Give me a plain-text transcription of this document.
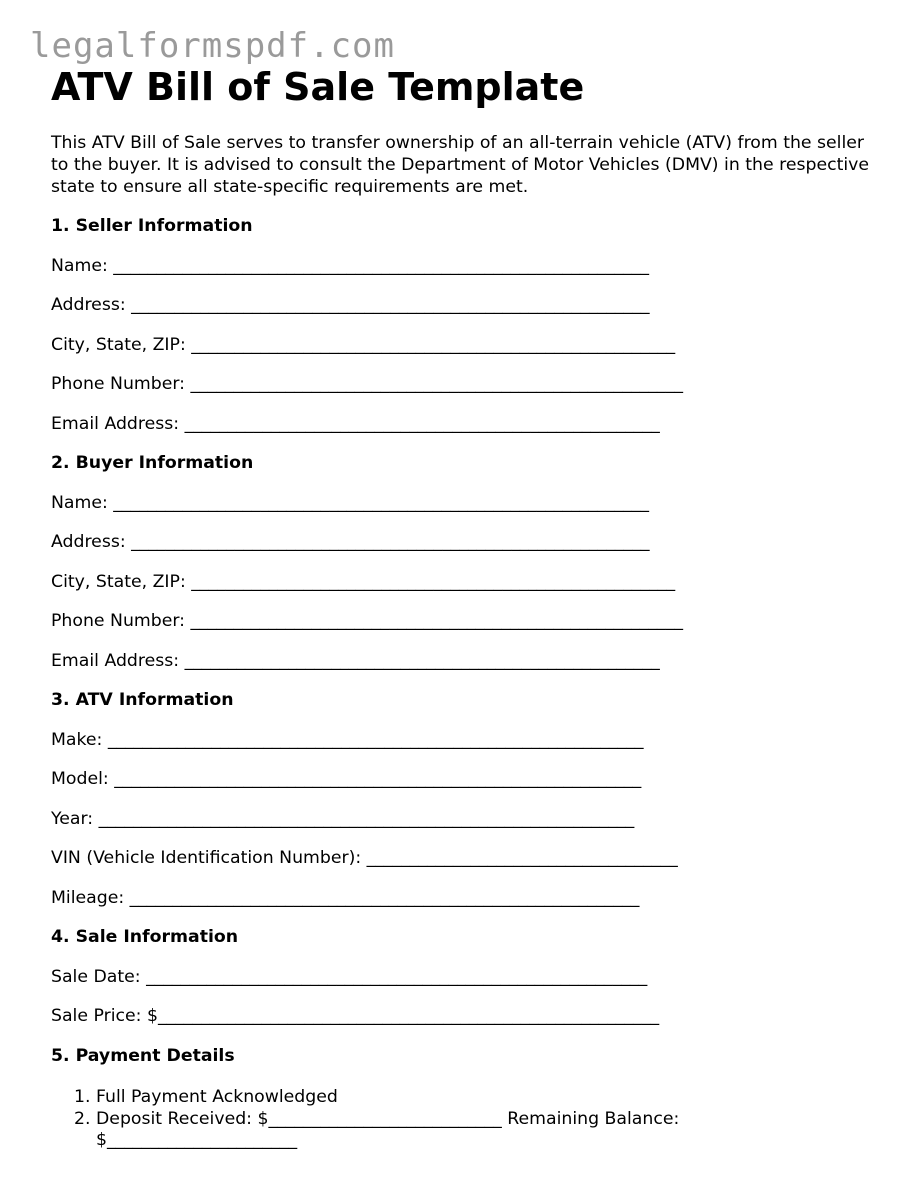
legalformspdf.com
ATV Bill of Sale Template

This ATV Bill of Sale serves to transfer ownership of an all-terrain vehicle (ATV) from the seller to the buyer. It is advised to consult the Department of Motor Vehicles (DMV) in the respective state to ensure all state-specific requirements are met.

1. Seller Information
Name: ______________________________________________________________
Address: ____________________________________________________________
City, State, ZIP: ________________________________________________________
Phone Number: _________________________________________________________
Email Address: _______________________________________________________
2. Buyer Information
Name: ______________________________________________________________
Address: ____________________________________________________________
City, State, ZIP: ________________________________________________________
Phone Number: _________________________________________________________
Email Address: _______________________________________________________
3. ATV Information
Make: ______________________________________________________________
Model: _____________________________________________________________
Year: ______________________________________________________________
VIN (Vehicle Identification Number): ____________________________________
Mileage: ___________________________________________________________
4. Sale Information
Sale Date: __________________________________________________________
Sale Price: $__________________________________________________________
5. Payment Details
1. Full Payment Acknowledged
2. Deposit Received: $___________________________ Remaining Balance:
$______________________
